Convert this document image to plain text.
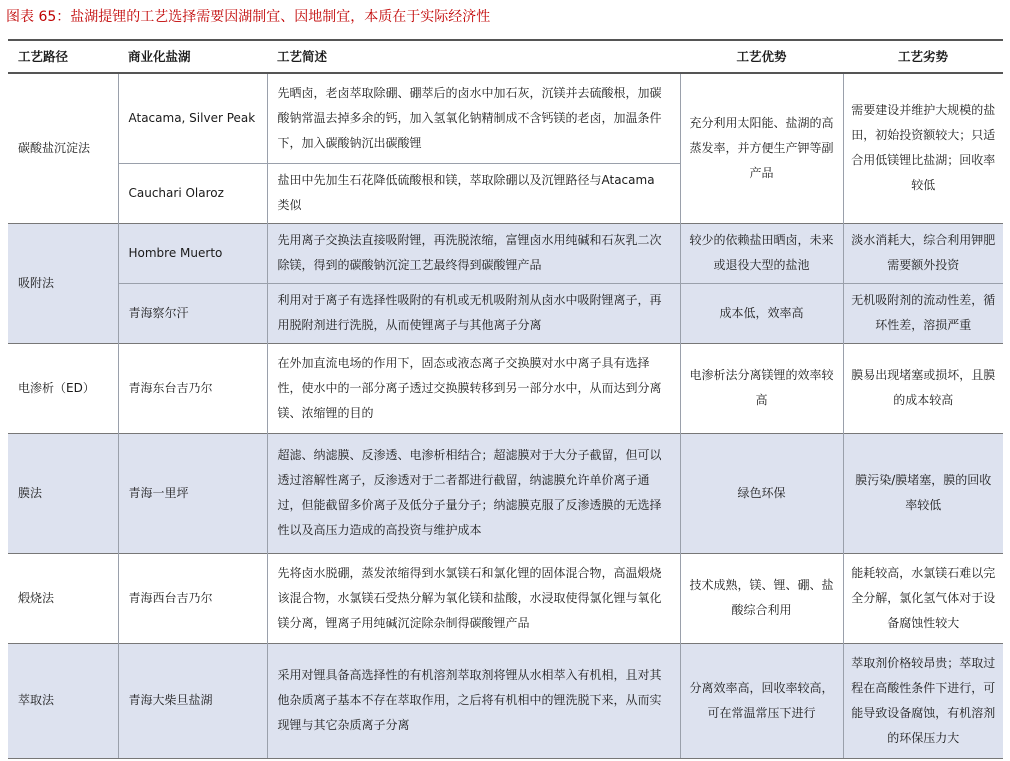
图表 65：盐湖提锂的工艺选择需要因湖制宜、因地制宜，本质在于实际经济性
工艺路径	商业化盐湖	工艺简述	工艺优势	工艺劣势
碳酸盐沉淀法	Atacama, Silver Peak	先晒卤，老卤萃取除硼、硼萃后的卤水中加石灰，沉镁并去硫酸根，加碳酸钠常温去掉多余的钙，加入氢氧化钠精制成不含钙镁的老卤，加温条件下，加入碳酸钠沉出碳酸锂	充分利用太阳能、盐湖的高蒸发率，并方便生产钾等副产品	需要建设并维护大规模的盐田，初始投资额较大；只适合用低镁锂比盐湖；回收率较低
	Cauchari Olaroz	盐田中先加生石花降低硫酸根和镁，萃取除硼以及沉锂路径与Atacama 类似		
吸附法	Hombre Muerto	先用离子交换法直接吸附锂，再洗脱浓缩，富锂卤水用纯碱和石灰乳二次除镁，得到的碳酸钠沉淀工艺最终得到碳酸锂产品	较少的依赖盐田晒卤，未来或退役大型的盐池	淡水消耗大，综合利用钾肥需要额外投资
	青海察尔汗	利用对于离子有选择性吸附的有机或无机吸附剂从卤水中吸附锂离子，再用脱附剂进行洗脱，从而使锂离子与其他离子分离	成本低，效率高	无机吸附剂的流动性差，循环性差，溶损严重
电渗析（ED）	青海东台吉乃尔	在外加直流电场的作用下，固态或液态离子交换膜对水中离子具有选择性，使水中的一部分离子透过交换膜转移到另一部分水中，从而达到分离镁、浓缩锂的目的	电渗析法分离镁锂的效率较高	膜易出现堵塞或损坏，且膜的成本较高
膜法	青海一里坪	超滤、纳滤膜、反渗透、电渗析相结合；超滤膜对于大分子截留，但可以透过溶解性离子，反渗透对于二者都进行截留，纳滤膜允许单价离子通过，但能截留多价离子及低分子量分子；纳滤膜克服了反渗透膜的无选择性以及高压力造成的高投资与维护成本	绿色环保	膜污染/膜堵塞，膜的回收率较低
煅烧法	青海西台吉乃尔	先将卤水脱硼，蒸发浓缩得到水氯镁石和氯化锂的固体混合物，高温煅烧该混合物，水氯镁石受热分解为氧化镁和盐酸，水浸取使得氯化锂与氧化镁分离，锂离子用纯碱沉淀除杂制得碳酸锂产品	技术成熟，镁、锂、硼、盐酸综合利用	能耗较高，水氯镁石难以完全分解，氯化氢气体对于设备腐蚀性较大
萃取法	青海大柴旦盐湖	采用对锂具备高选择性的有机溶剂萃取剂将锂从水相萃入有机相，且对其他杂质离子基本不存在萃取作用，之后将有机相中的锂洗脱下来，从而实现锂与其它杂质离子分离	分离效率高，回收率较高，可在常温常压下进行	萃取剂价格较昂贵；萃取过程在高酸性条件下进行，可能导致设备腐蚀，有机溶剂的环保压力大
